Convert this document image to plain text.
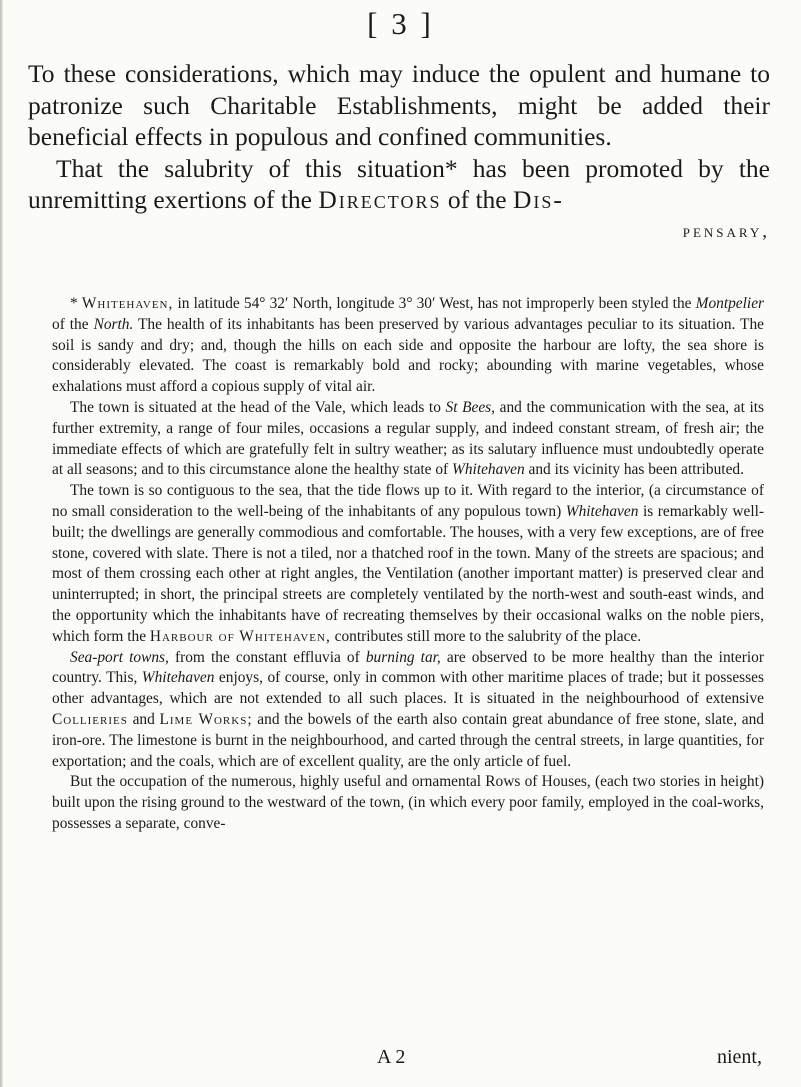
[ 3 ]

To these considerations, which may induce the opulent and humane to patronize such Charitable Establishments, might be added their beneficial effects in populous and confined communities.

That the salubrity of this situation* has been promoted by the unremitting exertions of the Directors of the Dis-

pensary,

* Whitehaven, in latitude 54° 32′ North, longitude 3° 30′ West, has not improperly been styled the Montpelier of the North. The health of its inhabitants has been preserved by various advantages peculiar to its situation. The soil is sandy and dry; and, though the hills on each side and opposite the harbour are lofty, the sea shore is considerably elevated. The coast is remarkably bold and rocky; abounding with marine vegetables, whose exhalations must afford a copious supply of vital air.

The town is situated at the head of the Vale, which leads to St Bees, and the communication with the sea, at its further extremity, a range of four miles, occasions a regular supply, and indeed constant stream, of fresh air; the immediate effects of which are gratefully felt in sultry weather; as its salutary influence must undoubtedly operate at all seasons; and to this circumstance alone the healthy state of Whitehaven and its vicinity has been attributed.

The town is so contiguous to the sea, that the tide flows up to it. With regard to the interior, (a circumstance of no small consideration to the well-being of the inhabitants of any populous town) Whitehaven is remarkably well-built; the dwellings are generally commodious and comfortable. The houses, with a very few exceptions, are of free stone, covered with slate. There is not a tiled, nor a thatched roof in the town. Many of the streets are spacious; and most of them crossing each other at right angles, the Ventilation (another important matter) is preserved clear and uninterrupted; in short, the principal streets are completely ventilated by the north-west and south-east winds, and the opportunity which the inhabitants have of recreating themselves by their occasional walks on the noble piers, which form the Harbour of Whitehaven, contributes still more to the salubrity of the place.

Sea-port towns, from the constant effluvia of burning tar, are observed to be more healthy than the interior country. This, Whitehaven enjoys, of course, only in common with other maritime places of trade; but it possesses other advantages, which are not extended to all such places. It is situated in the neighbourhood of extensive Collieries and Lime Works; and the bowels of the earth also contain great abundance of free stone, slate, and iron-ore. The limestone is burnt in the neighbourhood, and carted through the central streets, in large quantities, for exportation; and the coals, which are of excellent quality, are the only article of fuel.

But the occupation of the numerous, highly useful and ornamental Rows of Houses, (each two stories in height) built upon the rising ground to the westward of the town, (in which every poor family, employed in the coal-works, possesses a separate, conve-

A 2	nient,
